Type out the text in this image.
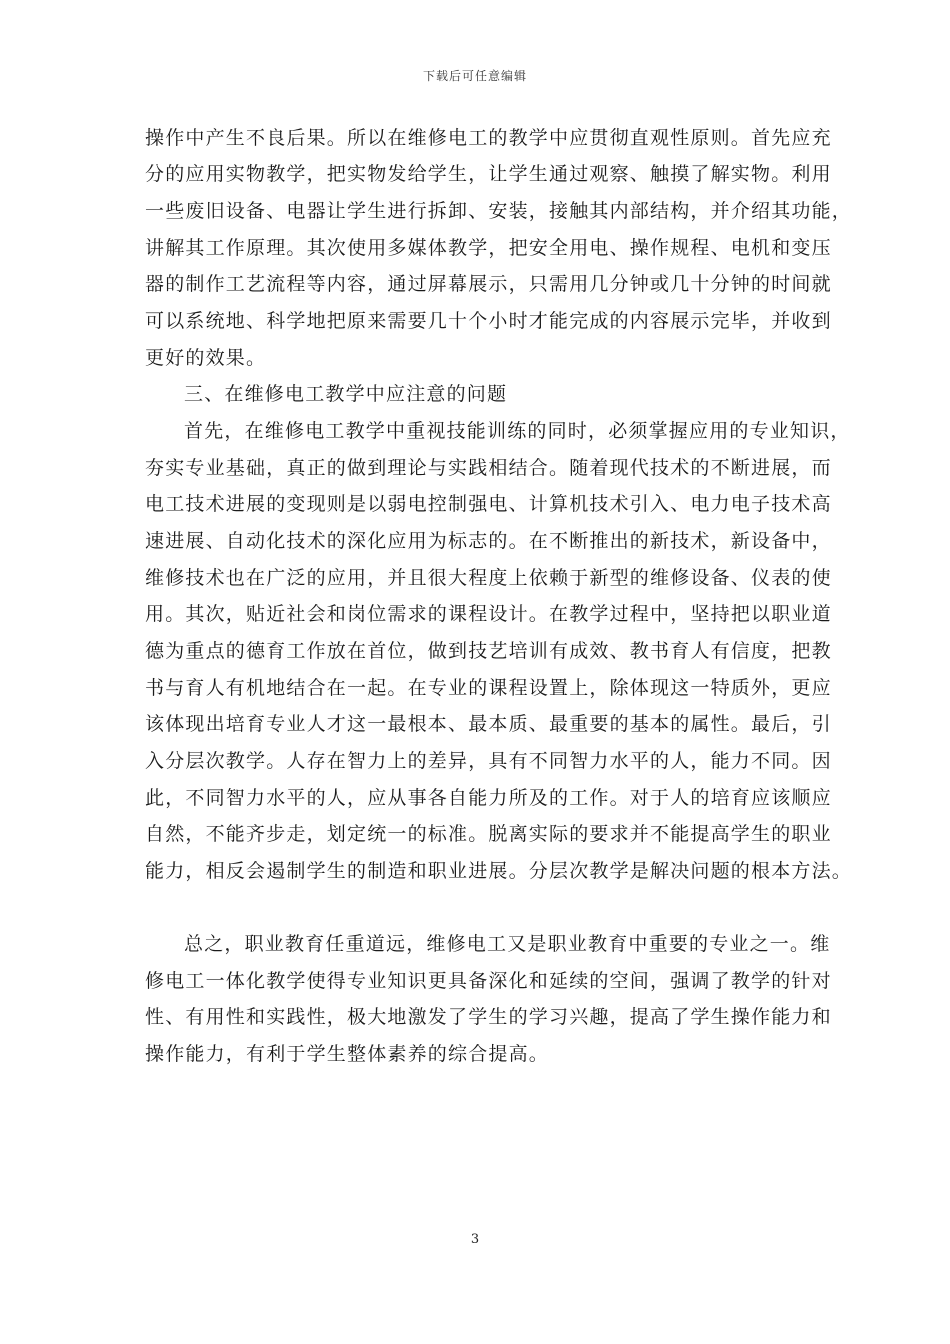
下载后可任意编辑
操作中产生不良后果。所以在维修电工的教学中应贯彻直观性原则。首先应充
分的应用实物教学，把实物发给学生，让学生通过观察、触摸了解实物。利用
一些废旧设备、电器让学生进行拆卸、安装，接触其内部结构，并介绍其功能，
讲解其工作原理。其次使用多媒体教学，把安全用电、操作规程、电机和变压
器的制作工艺流程等内容，通过屏幕展示，只需用几分钟或几十分钟的时间就
可以系统地、科学地把原来需要几十个小时才能完成的内容展示完毕，并收到
更好的效果。
三、在维修电工教学中应注意的问题
首先，在维修电工教学中重视技能训练的同时，必须掌握应用的专业知识，
夯实专业基础，真正的做到理论与实践相结合。随着现代技术的不断进展，而
电工技术进展的变现则是以弱电控制强电、计算机技术引入、电力电子技术高
速进展、自动化技术的深化应用为标志的。在不断推出的新技术，新设备中，
维修技术也在广泛的应用，并且很大程度上依赖于新型的维修设备、仪表的使
用。其次，贴近社会和岗位需求的课程设计。在教学过程中，坚持把以职业道
德为重点的德育工作放在首位，做到技艺培训有成效、教书育人有信度，把教
书与育人有机地结合在一起。在专业的课程设置上，除体现这一特质外，更应
该体现出培育专业人才这一最根本、最本质、最重要的基本的属性。最后，引
入分层次教学。人存在智力上的差异，具有不同智力水平的人，能力不同。因
此，不同智力水平的人，应从事各自能力所及的工作。对于人的培育应该顺应
自然，不能齐步走，划定统一的标准。脱离实际的要求并不能提高学生的职业
能力，相反会遏制学生的制造和职业进展。分层次教学是解决问题的根本方法。
总之，职业教育任重道远，维修电工又是职业教育中重要的专业之一。维
修电工一体化教学使得专业知识更具备深化和延续的空间，强调了教学的针对
性、有用性和实践性，极大地激发了学生的学习兴趣，提高了学生操作能力和
操作能力，有利于学生整体素养的综合提高。
3
